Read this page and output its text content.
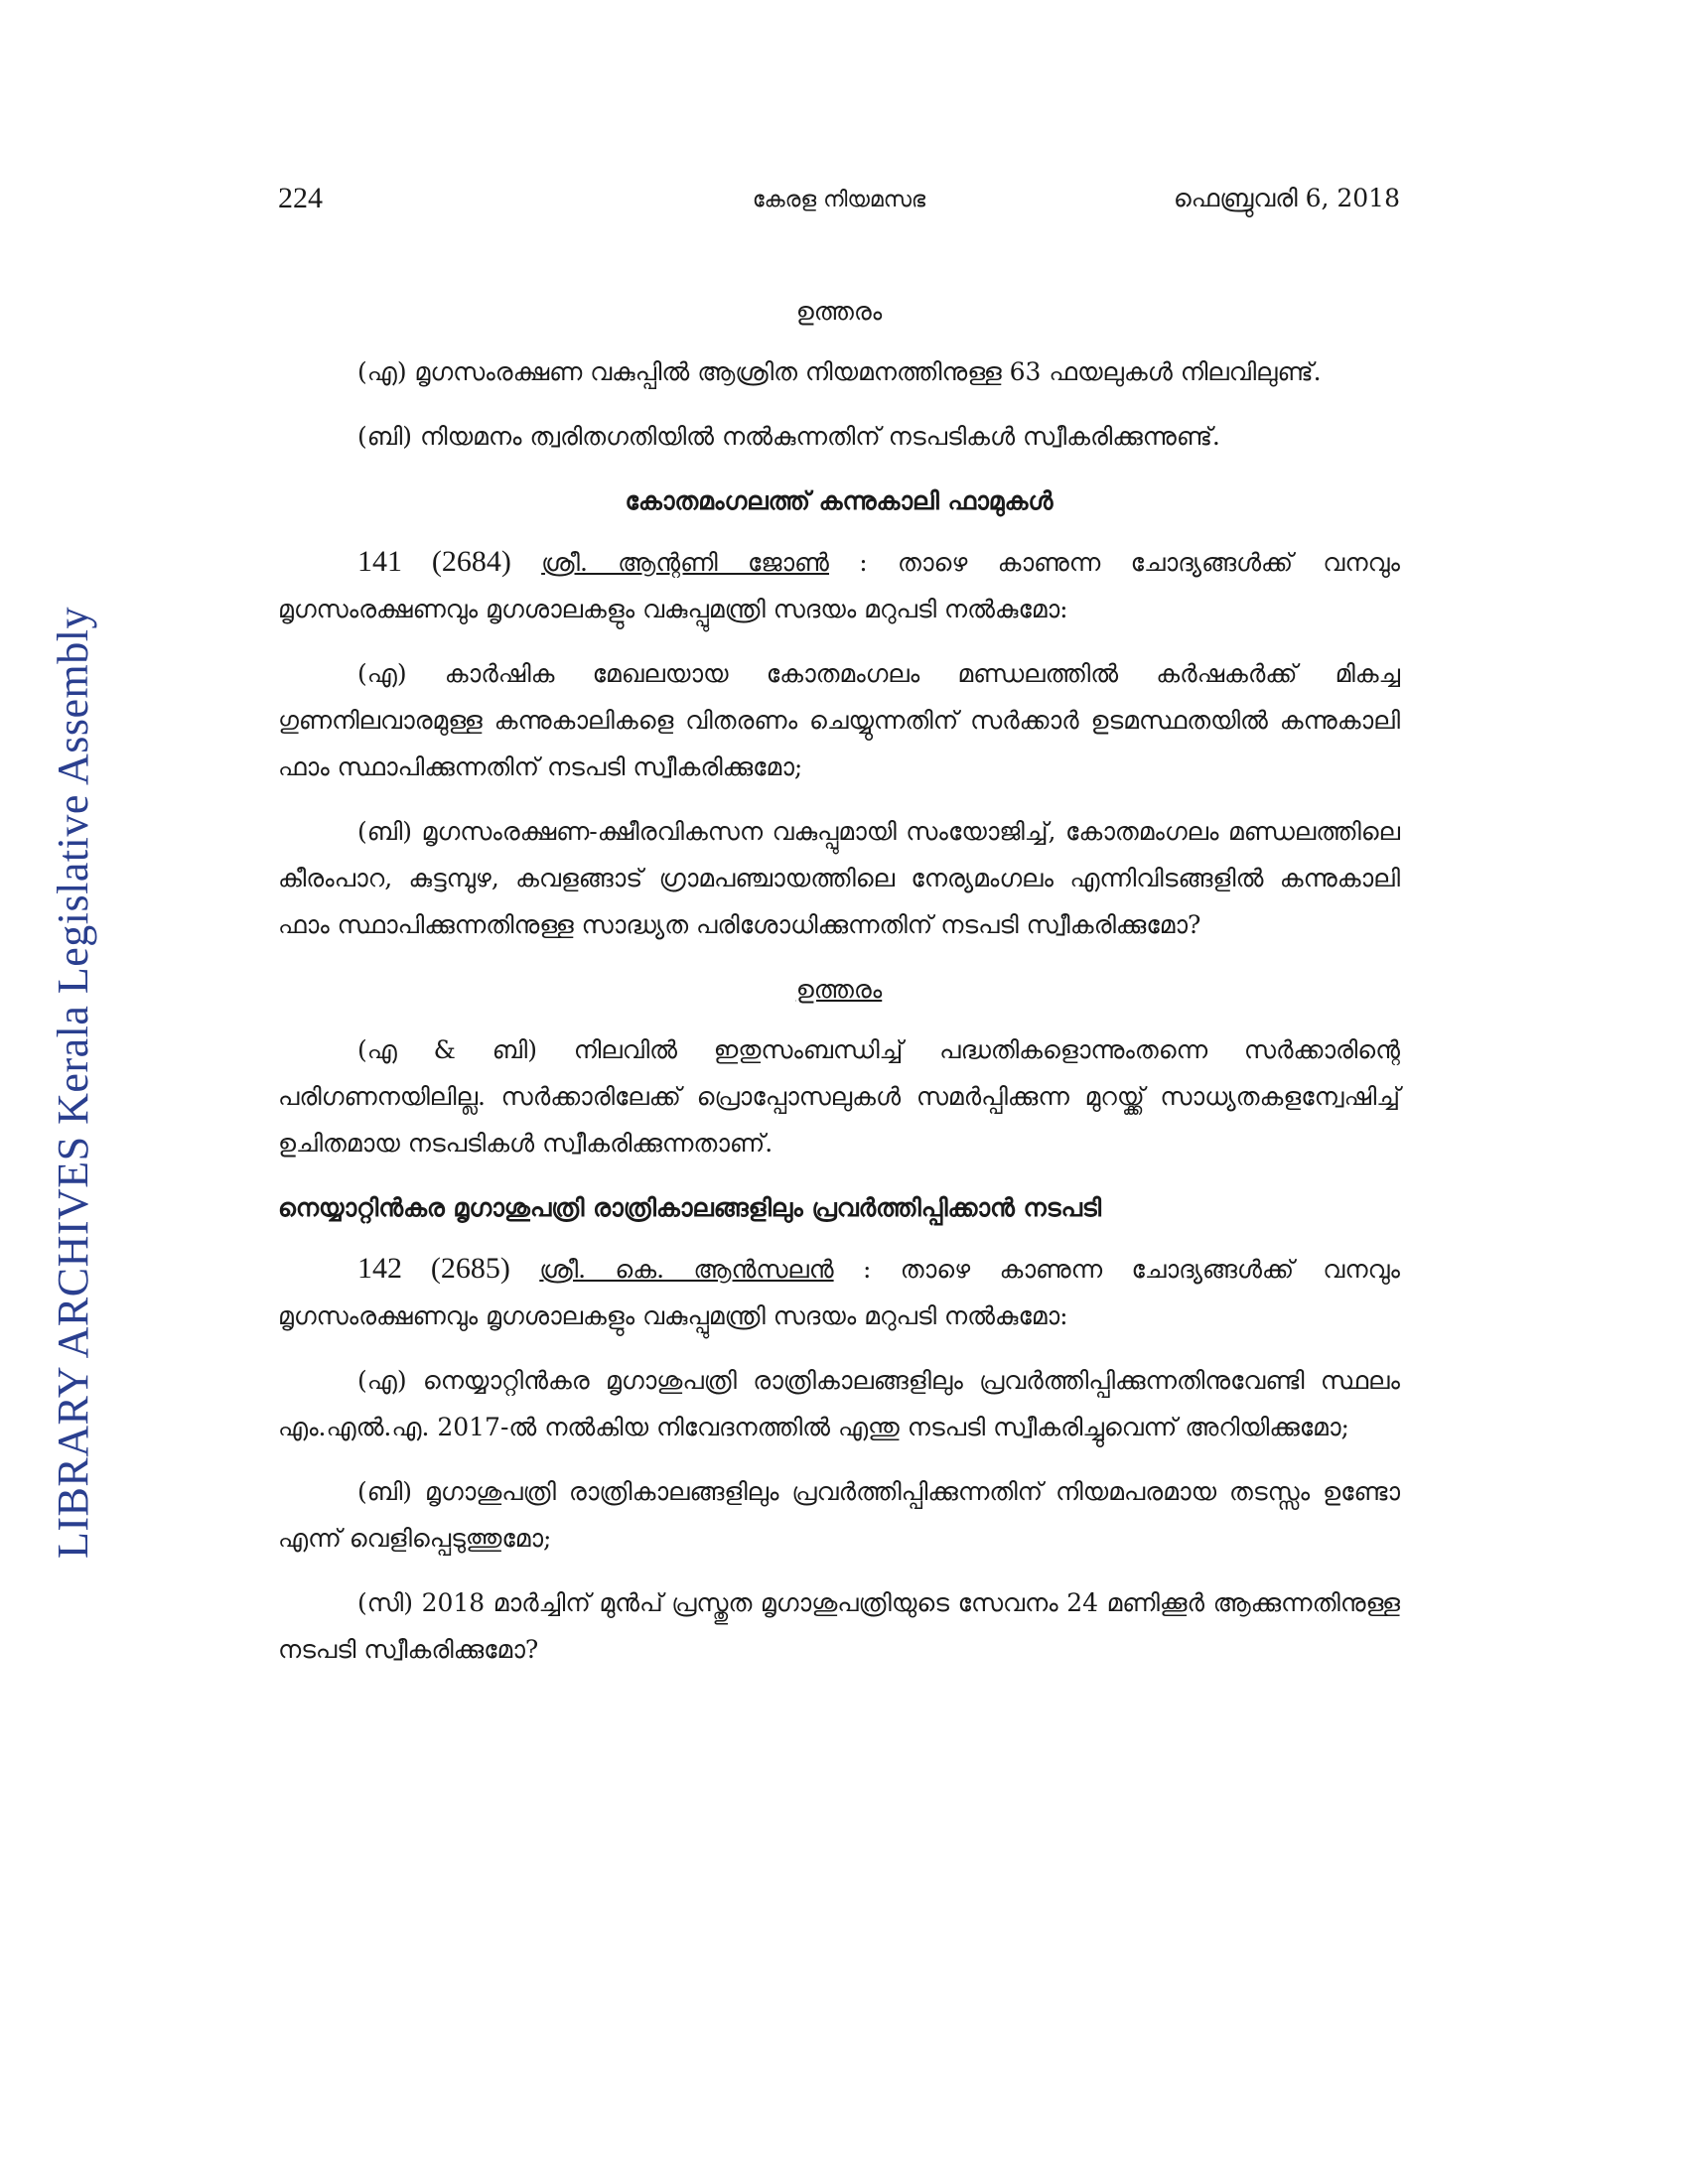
LIBRARY ARCHIVES Kerala Legislative Assembly
224	കേരള നിയമസഭ	ഫെബ്രുവരി 6, 2018

ഉത്തരം

(എ) മൃഗസംരക്ഷണ വകുപ്പിൽ ആശ്രിത നിയമനത്തിനുള്ള 63 ഫയലുകൾ നിലവിലുണ്ട്.

(ബി) നിയമനം ത്വരിതഗതിയിൽ നൽകുന്നതിന് നടപടികൾ സ്വീകരിക്കുന്നുണ്ട്.

കോതമംഗലത്ത് കന്നുകാലി ഫാമുകൾ

141 (2684) ശ്രീ. ആന്റണി ജോൺ : താഴെ കാണുന്ന ചോദ്യങ്ങൾക്ക് വനവും മൃഗസംരക്ഷണവും മൃഗശാലകളും വകുപ്പുമന്ത്രി സദയം മറുപടി നൽകുമോ:

(എ) കാർഷിക മേഖലയായ കോതമംഗലം മണ്ഡലത്തിൽ കർഷകർക്ക് മികച്ച ഗുണനിലവാരമുള്ള കന്നുകാലികളെ വിതരണം ചെയ്യുന്നതിന് സർക്കാർ ഉടമസ്ഥതയിൽ കന്നുകാലി ഫാം സ്ഥാപിക്കുന്നതിന് നടപടി സ്വീകരിക്കുമോ;

(ബി) മൃഗസംരക്ഷണ-ക്ഷീരവികസന വകുപ്പുമായി സംയോജിച്ച്, കോതമംഗലം മണ്ഡലത്തിലെ കീരംപാറ, കുട്ടമ്പുഴ, കവളങ്ങാട് ഗ്രാമപഞ്ചായത്തിലെ നേര്യമംഗലം എന്നിവിടങ്ങളിൽ കന്നുകാലി ഫാം സ്ഥാപിക്കുന്നതിനുള്ള സാദ്ധ്യത പരിശോധിക്കുന്നതിന് നടപടി സ്വീകരിക്കുമോ?

ഉത്തരം

(എ & ബി) നിലവിൽ ഇതുസംബന്ധിച്ച് പദ്ധതികളൊന്നുംതന്നെ സർക്കാരിന്റെ പരിഗണനയിലില്ല. സർക്കാരിലേക്ക് പ്രൊപ്പോസലുകൾ സമർപ്പിക്കുന്ന മുറയ്ക്ക് സാധ്യതകളന്വേഷിച്ച് ഉചിതമായ നടപടികൾ സ്വീകരിക്കുന്നതാണ്.

നെയ്യാറ്റിൻകര മൃഗാശുപത്രി രാത്രികാലങ്ങളിലും പ്രവർത്തിപ്പിക്കാൻ നടപടി

142 (2685) ശ്രീ. കെ. ആൻസലൻ : താഴെ കാണുന്ന ചോദ്യങ്ങൾക്ക് വനവും മൃഗസംരക്ഷണവും മൃഗശാലകളും വകുപ്പുമന്ത്രി സദയം മറുപടി നൽകുമോ:

(എ) നെയ്യാറ്റിൻകര മൃഗാശുപത്രി രാത്രികാലങ്ങളിലും പ്രവർത്തിപ്പിക്കുന്നതിനുവേണ്ടി സ്ഥലം എം.എൽ.എ. 2017-ൽ നൽകിയ നിവേദനത്തിൽ എന്തു നടപടി സ്വീകരിച്ചുവെന്ന് അറിയിക്കുമോ;

(ബി) മൃഗാശുപത്രി രാത്രികാലങ്ങളിലും പ്രവർത്തിപ്പിക്കുന്നതിന് നിയമപരമായ തടസ്സം ഉണ്ടോ എന്ന് വെളിപ്പെടുത്തുമോ;

(സി) 2018 മാർച്ചിന് മുൻപ് പ്രസ്തുത മൃഗാശുപത്രിയുടെ സേവനം 24 മണിക്കൂർ ആക്കുന്നതിനുള്ള നടപടി സ്വീകരിക്കുമോ?
